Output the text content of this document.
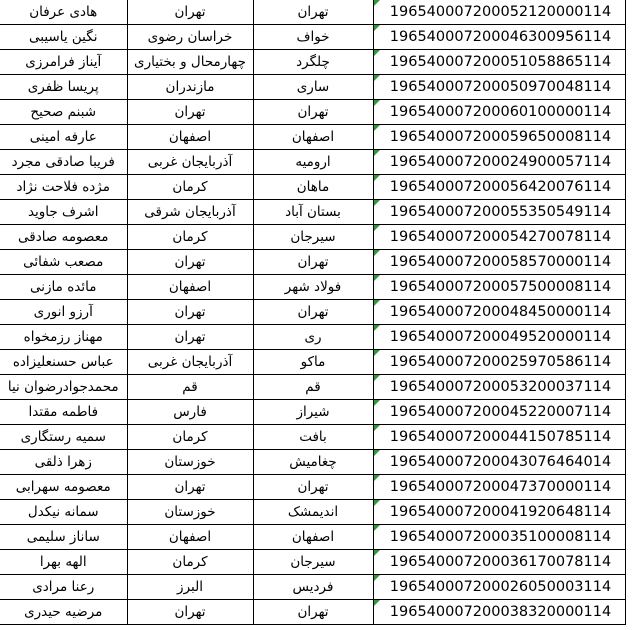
هادی عرفان	تهران	تهران	196540007200052120000114
نگین یاسیبی	خراسان رضوی	خواف	196540007200046300956114
آیناز فرامرزی	چهارمحال و بختیاری	چلگرد	196540007200051058865114
پریسا ظفری	مازندران	ساری	196540007200050970048114
شبنم صحیح	تهران	تهران	196540007200060100000114
عارفه امینی	اصفهان	اصفهان	196540007200059650008114
فریبا صادقی مجرد	آذربایجان غربی	ارومیه	196540007200024900057114
مژده فلاحت نژاد	کرمان	ماهان	196540007200056420076114
اشرف جاوید	آذربایجان شرقی	بستان آباد	196540007200055350549114
معصومه صادقی	کرمان	سیرجان	196540007200054270078114
مصعب شفائی	تهران	تهران	196540007200058570000114
مائده مازنی	اصفهان	فولاد شهر	196540007200057500008114
آرزو انوری	تهران	تهران	196540007200048450000114
مهناز رزمخواه	تهران	ری	196540007200049520000114
عباس حسنعلیزاده	آذربایجان غربی	ماکو	196540007200025970586114
محمدجوادرضوان نیا	قم	قم	196540007200053200037114
فاطمه مقتدا	فارس	شیراز	196540007200045220007114
سمیه رستگاری	کرمان	بافت	196540007200044150785114
زهرا ذلقی	خوزستان	چغامیش	196540007200043076464014
معصومه سهرابی	تهران	تهران	196540007200047370000114
سمانه نیکدل	خوزستان	اندیمشک	196540007200041920648114
ساناز سلیمی	اصفهان	اصفهان	196540007200035100008114
الهه بهرا	کرمان	سیرجان	196540007200036170078114
رعنا مرادی	البرز	فردیس	196540007200026050003114
مرضیه حیدری	تهران	تهران	196540007200038320000114
